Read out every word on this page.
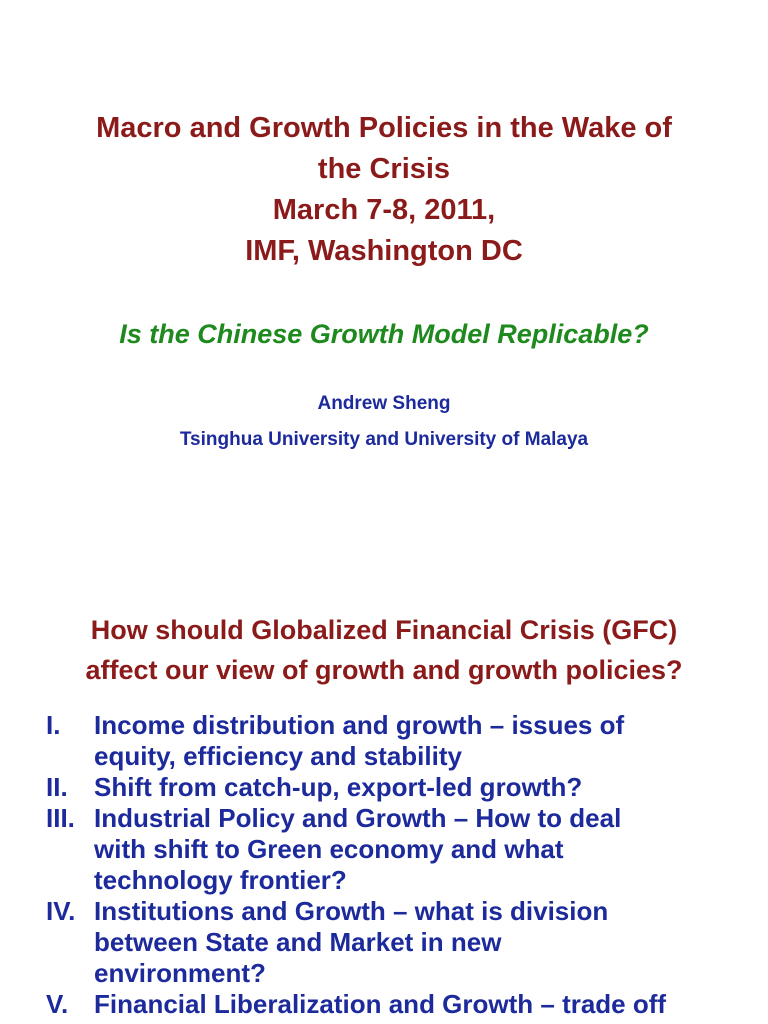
Macro and Growth Policies in the Wake of
the Crisis
March 7-8, 2011,
IMF, Washington DC
Is the Chinese Growth Model Replicable?
Andrew Sheng
Tsinghua University and University of Malaya
How should Globalized Financial Crisis (GFC)
affect our view of growth and growth policies?
I. Income distribution and growth – issues of
equity, efficiency and stability
II. Shift from catch-up, export-led growth?
III. Industrial Policy and Growth – How to deal
with shift to Green economy and what
technology frontier?
IV. Institutions and Growth – what is division
between State and Market in new
environment?
V. Financial Liberalization and Growth – trade off
